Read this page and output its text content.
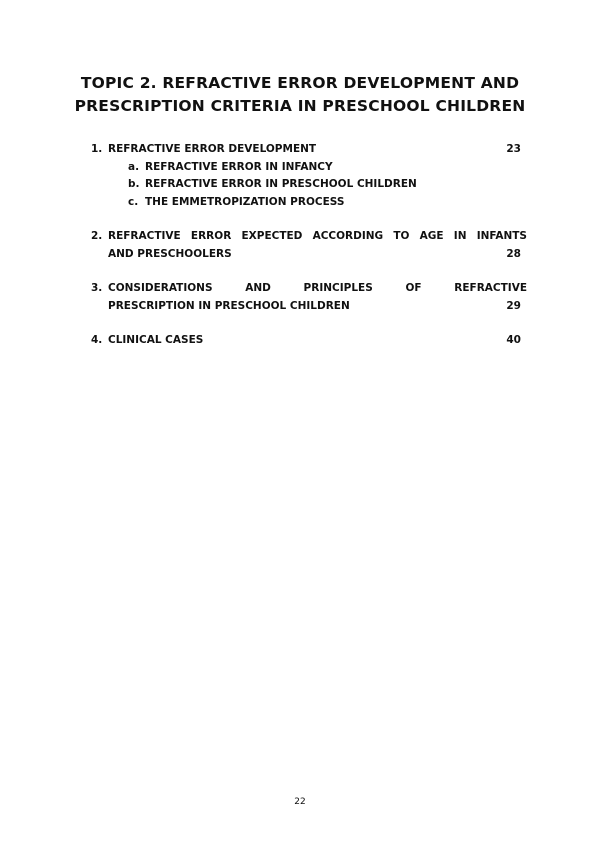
TOPIC 2. REFRACTIVE ERROR DEVELOPMENT AND
PRESCRIPTION CRITERIA IN PRESCHOOL CHILDREN
1. REFRACTIVE ERROR DEVELOPMENT	23
a. REFRACTIVE ERROR IN INFANCY
b. REFRACTIVE ERROR IN PRESCHOOL CHILDREN
c. THE EMMETROPIZATION PROCESS
2. REFRACTIVE ERROR EXPECTED ACCORDING TO AGE IN INFANTS
AND PRESCHOOLERS	28
3. CONSIDERATIONS AND PRINCIPLES OF REFRACTIVE
PRESCRIPTION IN PRESCHOOL CHILDREN	29
4. CLINICAL CASES	40
22
